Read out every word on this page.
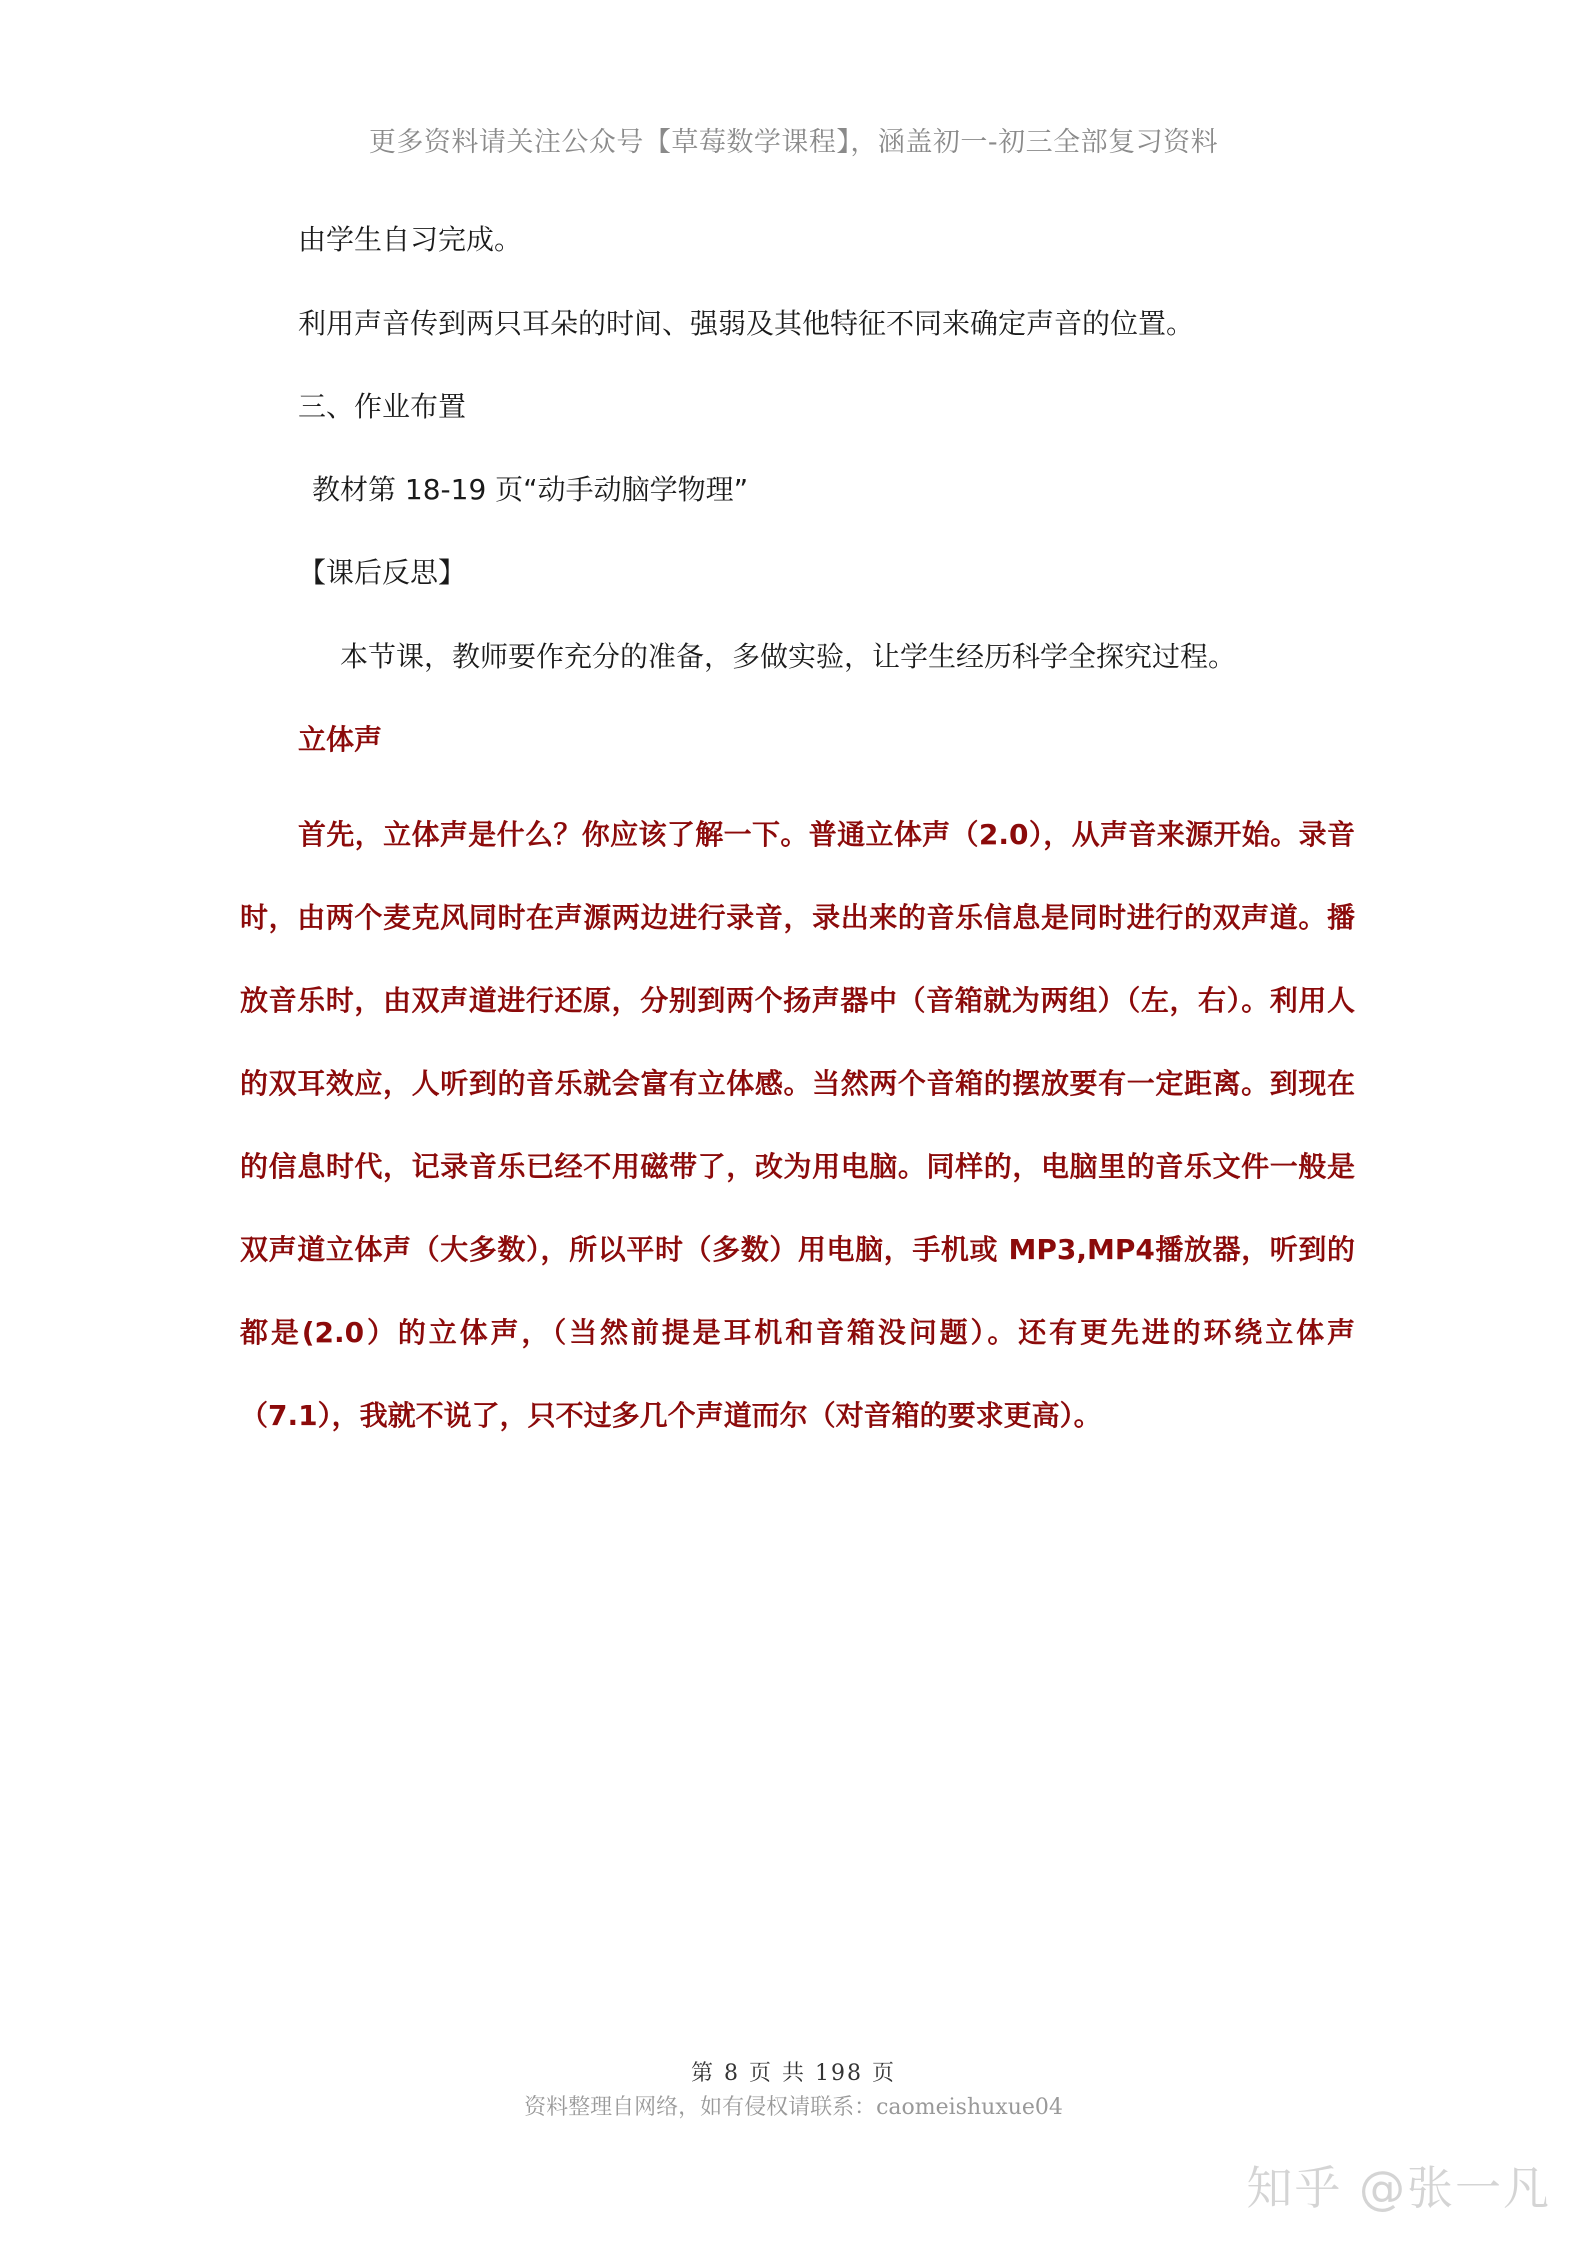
更多资料请关注公众号【草莓数学课程】，涵盖初一-初三全部复习资料
由学生自习完成。
利用声音传到两只耳朵的时间、强弱及其他特征不同来确定声音的位置。
三、作业布置
教材第 18-19 页“动手动脑学物理”
【课后反思】
本节课，教师要作充分的准备，多做实验，让学生经历科学全探究过程。
立体声
首先，立体声是什么？你应该了解一下。普通立体声（2.0），从声音来源开始。录音时，由两个麦克风同时在声源两边进行录音，录出来的音乐信息是同时进行的双声道。播放音乐时，由双声道进行还原，分别到两个扬声器中（音箱就为两组）（左，右）。利用人的双耳效应，人听到的音乐就会富有立体感。当然两个音箱的摆放要有一定距离。到现在的信息时代，记录音乐已经不用磁带了，改为用电脑。同样的，电脑里的音乐文件一般是双声道立体声（大多数），所以平时（多数）用电脑，手机或 MP3,MP4播放器，听到的都是(2.0）的立体声，（当然前提是耳机和音箱没问题）。还有更先进的环绕立体声（7.1），我就不说了，只不过多几个声道而尔（对音箱的要求更高）。
第 8 页 共 198 页
资料整理自网络，如有侵权请联系：caomeishuxue04
知乎 @张一凡
